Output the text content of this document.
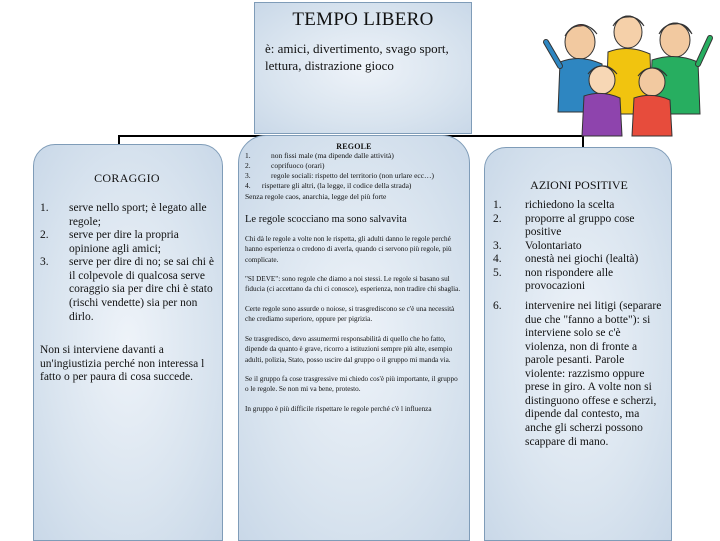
TEMPO LIBERO
è: amici, divertimento, svago sport, lettura, distrazione gioco
CORAGGIO
1.	serve nello sport; è legato alle regole;
2.	serve per dire la propria opinione agli amici;
3.	serve per dire di no; se sai chi è il colpevole di qualcosa serve coraggio sia per dire chi è stato (rischi vendette) sia per non dirlo.
Non si interviene davanti a un'ingiustizia perché non interessa l fatto o per paura di cosa succede.
REGOLE
1.	non fissi male (ma dipende dalle attività)
2.	coprifuoco (orari)
3.	regole sociali: rispetto del territorio (non urlare ecc…)
4.      rispettare gli altri, (la legge, il codice della strada)
Senza regole caos, anarchia, legge del più forte
Le regole scocciano ma sono salvavita
Chi dà le regole a volte non le rispetta, gli adulti danno le regole perché hanno esperienza o credono di averla, quando ci servono più regole, più complicate.
"SI DEVE": sono regole che diamo a noi stessi. Le regole si basano sul fiducia (ci accettano da chi ci conosce), esperienza, non tradire chi sbaglia.
Certe regole sono assurde o noiose, si trasgrediscono se c'è una necessità che crediamo superiore, oppure per pigrizia.
Se trasgredisco, devo assumermi responsabilità di quello che ho fatto, dipende da quanto è grave, ricorro a istituzioni sempre più alte, esempio adulti, polizia, Stato, posso uscire dal gruppo o il gruppo mi manda via.
Se il gruppo fa cose trasgressive mi chiedo cos'è più importante, il gruppo o le regole. Se non mi va bene, protesto.
In gruppo è più difficile rispettare le regole perché c'è l influenza
AZIONI POSITIVE
1.	richiedono la scelta
2.	proporre al gruppo cose positive
3.	Volontariato
4.	onestà nei giochi (lealtà)
5.	non rispondere alle provocazioni
6.	intervenire nei litigi (separare due che "fanno a botte"): si interviene solo se c'è violenza, non di fronte a parole pesanti. Parole violente: razzismo oppure prese in giro. A volte non si distinguono offese e scherzi, dipende dal contesto, ma anche gli scherzi possono scappare di mano.
